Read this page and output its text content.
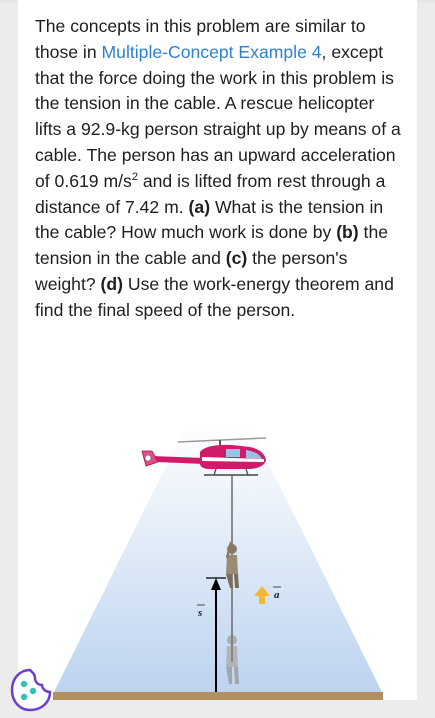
The concepts in this problem are similar to those in Multiple-Concept Example 4, except that the force doing the work in this problem is the tension in the cable. A rescue helicopter lifts a 92.9-kg person straight up by means of a cable. The person has an upward acceleration of 0.619 $m/s^2$ and is lifted from rest through a distance of 7.42 m. (a) What is the tension in the cable? How much work is done by (b) the tension in the cable and (c) the person's weight? (d) Use the work-energy theorem and find the final speed of the person.

s
a
